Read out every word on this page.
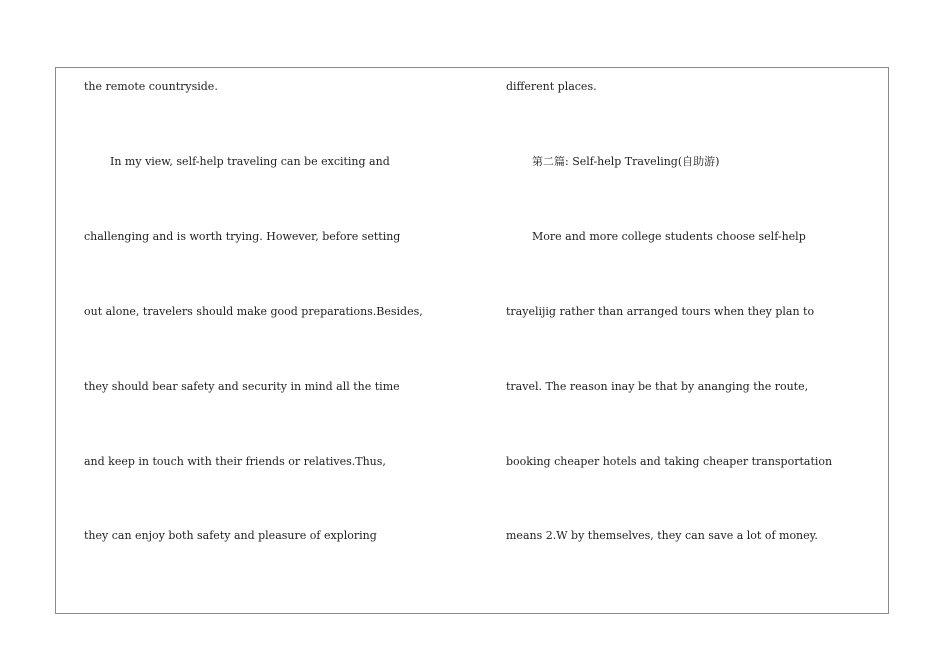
the remote countryside.
In my view, self-help traveling can be exciting and
challenging and is worth trying. However, before setting
out alone, travelers should make good preparations.Besides,
they should bear safety and security in mind all the time
and keep in touch with their friends or relatives.Thus,
they can enjoy both safety and pleasure of exploring
different places.
第二篇: Self-help Traveling(自助游)
More and more college students choose self-help
trayelijig rather than arranged tours when they plan to
travel. The reason inay be that by ananging the route,
booking cheaper hotels and taking cheaper transportation
means 2.W by themselves, they can save a lot of money.
